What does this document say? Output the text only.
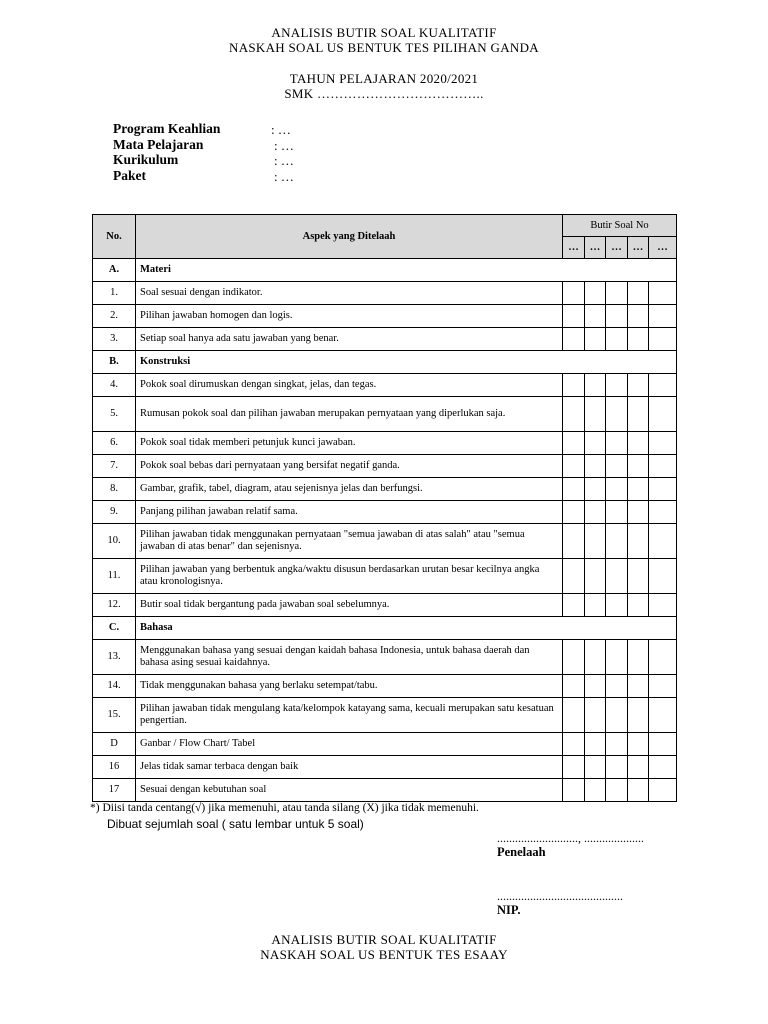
ANALISIS BUTIR SOAL KUALITATIF
NASKAH SOAL US BENTUK TES PILIHAN GANDA
TAHUN PELAJARAN 2020/2021
SMK ………………………………..
Program Keahlian	: …
Mata Pelajaran	: …
Kurikulum	: …
Paket	: …
No.	Aspek yang Ditelaah	Butir Soal No				
		…	…	…	…	…
A.	Materi					
1.	Soal sesuai dengan indikator.					
2.	Pilihan jawaban homogen dan logis.					
3.	Setiap soal hanya ada satu jawaban yang benar.					
B.	Konstruksi					
4.	Pokok soal dirumuskan dengan singkat, jelas, dan tegas.					
5.	Rumusan pokok soal dan pilihan jawaban merupakan pernyataan yang diperlukan saja.					
6.	Pokok soal tidak memberi petunjuk kunci jawaban.					
7.	Pokok soal bebas dari pernyataan yang bersifat negatif ganda.					
8.	Gambar, grafik, tabel, diagram, atau sejenisnya jelas dan berfungsi.					
9.	Panjang pilihan jawaban relatif sama.					
10.	Pilihan jawaban tidak menggunakan pernyataan "semua jawaban di atas salah" atau "semua jawaban di atas benar" dan sejenisnya.					
11.	Pilihan jawaban yang berbentuk angka/waktu disusun berdasarkan urutan besar kecilnya angka atau kronologisnya.					
12.	Butir soal tidak bergantung pada jawaban soal sebelumnya.					
C.	Bahasa					
13.	Menggunakan bahasa yang sesuai dengan kaidah bahasa Indonesia, untuk bahasa daerah dan bahasa asing sesuai kaidahnya.					
14.	Tidak menggunakan bahasa yang berlaku setempat/tabu.					
15.	Pilihan jawaban tidak mengulang kata/kelompok katayang sama, kecuali merupakan satu kesatuan pengertian.					
D	Ganbar / Flow Chart/ Tabel					
16	Jelas tidak samar terbaca dengan baik					
17	Sesuai dengan kebutuhan soal					
*) Diisi tanda centang(√) jika memenuhi, atau tanda silang (X) jika tidak memenuhi.
Dibuat sejumlah soal ( satu lembar untuk 5 soal)
..........................., ....................
Penelaah
..........................................
NIP.
ANALISIS BUTIR SOAL KUALITATIF
NASKAH SOAL US BENTUK TES ESAAY
